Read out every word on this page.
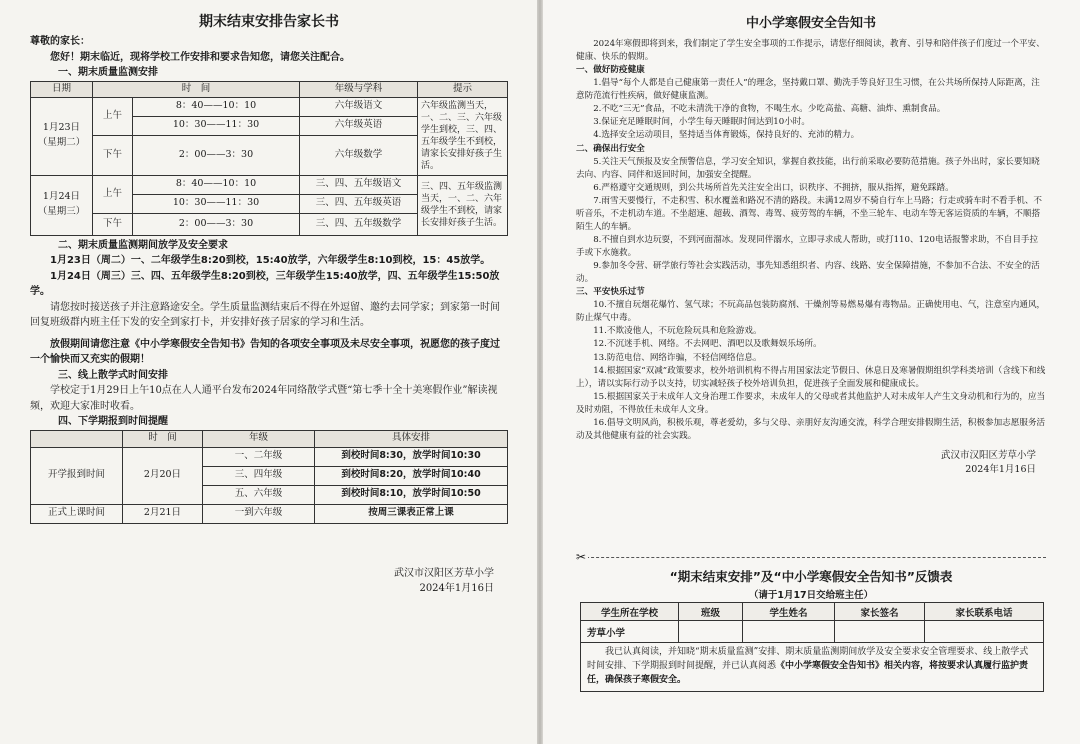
期末结束安排告家长书
尊敬的家长：
您好！期末临近，现将学校工作安排和要求告知您，请您关注配合。
一、期末质量监测安排
日期	时　间		年级与学科	提示

1月23日
（星期二）	上午	8：40——10：10	六年级语文	六年级监测当天，一、二、三、六年级学生到校，三、四、五年级学生不到校，请家长安排好孩子生活。
		10：30——11：30	六年级英语	
	下午	2：00——3：30	六年级数学	

1月24日
（星期三）	上午	8：40——10：10	三、四、五年级语文	三、四、五年级监测当天，一、二、六年级学生不到校，请家长安排好孩子生活。
		10：30——11：30	三、四、五年级英语	
	下午	2：00——3：30	三、四、五年级数学	
二、期末质量监测期间放学及安全要求
1月23日（周二）一、二年级学生8:20到校，15:40放学，六年级学生8:10到校，15：45放学。
1月24日（周三）三、四、五年级学生8:20到校，三年级学生15:40放学，四、五年级学生15:50放学。
请您按时接送孩子并注意路途安全。学生质量监测结束后不得在外逗留、邀约去同学家；到家第一时间回复班级群内班主任下发的安全到家打卡，并安排好孩子居家的学习和生活。
放假期间请您注意《中小学寒假安全告知书》告知的各项安全事项及未尽安全事项，祝愿您的孩子度过一个愉快而又充实的假期！
三、线上散学式时间安排
学校定于1月29日上午10点在人人通平台发布2024年同络散学式暨“第七季十全十美寒假作业”解读视频，欢迎大家准时收看。
四、下学期报到时间提醒
	时　间	年级	具体安排
开学报到时间	2月20日	一、二年级	到校时间8:30，放学时间10:30
		三、四年级	到校时间8:20，放学时间10:40
		五、六年级	到校时间8:10，放学时间10:50
正式上课时间	2月21日	一到六年级	按周三课表正常上课
武汉市汉阳区芳草小学
2024年1月16日
中小学寒假安全告知书
2024年寒假即将到来，我们制定了学生安全事项的工作提示，请您仔细阅读，教育、引导和陪伴孩子们度过一个平安、健康、快乐的假期。
一、做好防疫健康
1.倡导“每个人都是自己健康第一责任人”的理念，坚持戴口罩、勤洗手等良好卫生习惯，在公共场所保持人际距离，注意防范流行性疾病，做好健康监测。
2.不吃“三无”食品，不吃未清洗干净的食物，不喝生水。少吃高盐、高糖、油炸、熏制食品。
3.保证充足睡眠时间，小学生每天睡眠时间达到10小时。
4.选择安全运动项目，坚持适当体育锻炼，保持良好的、充沛的精力。
二、确保出行安全
5.关注天气预报及安全预警信息，学习安全知识，掌握自救技能，出行前采取必要防范措施。孩子外出时，家长要知晓去向、内容、同伴和返回时间，加强安全提醒。
6.严格遵守交通规则，到公共场所首先关注安全出口，识秩序、不拥挤，服从指挥，避免踩踏。
7.雨雪天要慢行，不走积雪、积水覆盖和路况不清的路段。未满12周岁不骑自行车上马路；行走或骑车时不看手机、不听音乐，不走机动车道。不坐超速、超载、酒驾、毒驾、疲劳驾的车辆，不坐三轮车、电动车等无客运资质的车辆，不顺搭陌生人的车辆。
8.不擅自到水边玩耍，不到河面溜冰。发现同伴溺水，立即寻求成人帮助，或打110、120电话报警求助，不自目手拉手或下水施救。
9.参加冬令营、研学旅行等社会实践活动，事先知悉组织者、内容、线路、安全保障措施，不参加不合法、不安全的活动。
三、平安快乐过节
10.不擅自玩烟花爆竹、氢气球；不玩高品包装防腐剂、干燥剂等易燃易爆有毒物品。正确使用电、气，注意室内通风，防止煤气中毒。
11.不欺凌他人，不玩危险玩具和危险游戏。
12.不沉迷手机、网络。不去网吧、酒吧以及歌舞娱乐场所。
13.防范电信、网络诈骗，不轻信网络信息。
14.根据国家“双减”政策要求，校外培训机构不得占用国家法定节假日、休息日及寒暑假期组织学科类培训（含线下和线上），请以实际行动予以支持，切实减轻孩子校外培训负担，促进孩子全面发展和健康成长。
15.根据国家关于未成年人文身治理工作要求，未成年人的父母或者其他监护人对未成年人产生文身动机和行为的，应当及时劝阻，不得放任未成年人文身。
16.倡导文明风尚，积极乐观，尊老爱幼，多与父母、亲朋好友沟通交流，科学合理安排假期生活，积极参加志愿服务活动及其他健康有益的社会实践。
武汉市汉阳区芳草小学
2024年1月16日
✂
“期末结束安排”及“中小学寒假安全告知书”反馈表
（请于1月17日交给班主任）
学生所在学校	班级	学生姓名	家长签名	家长联系电话
芳草小学				
我已认真阅读，并知晓“期末质量监测”安排、期末质量监测期间放学及安全要求安全管理要求、线上散学式时间安排、下学期报到时间提醒，并已认真阅悉《中小学寒假安全告知书》相关内容，将按要求认真履行监护责任，确保孩子寒假安全。				
